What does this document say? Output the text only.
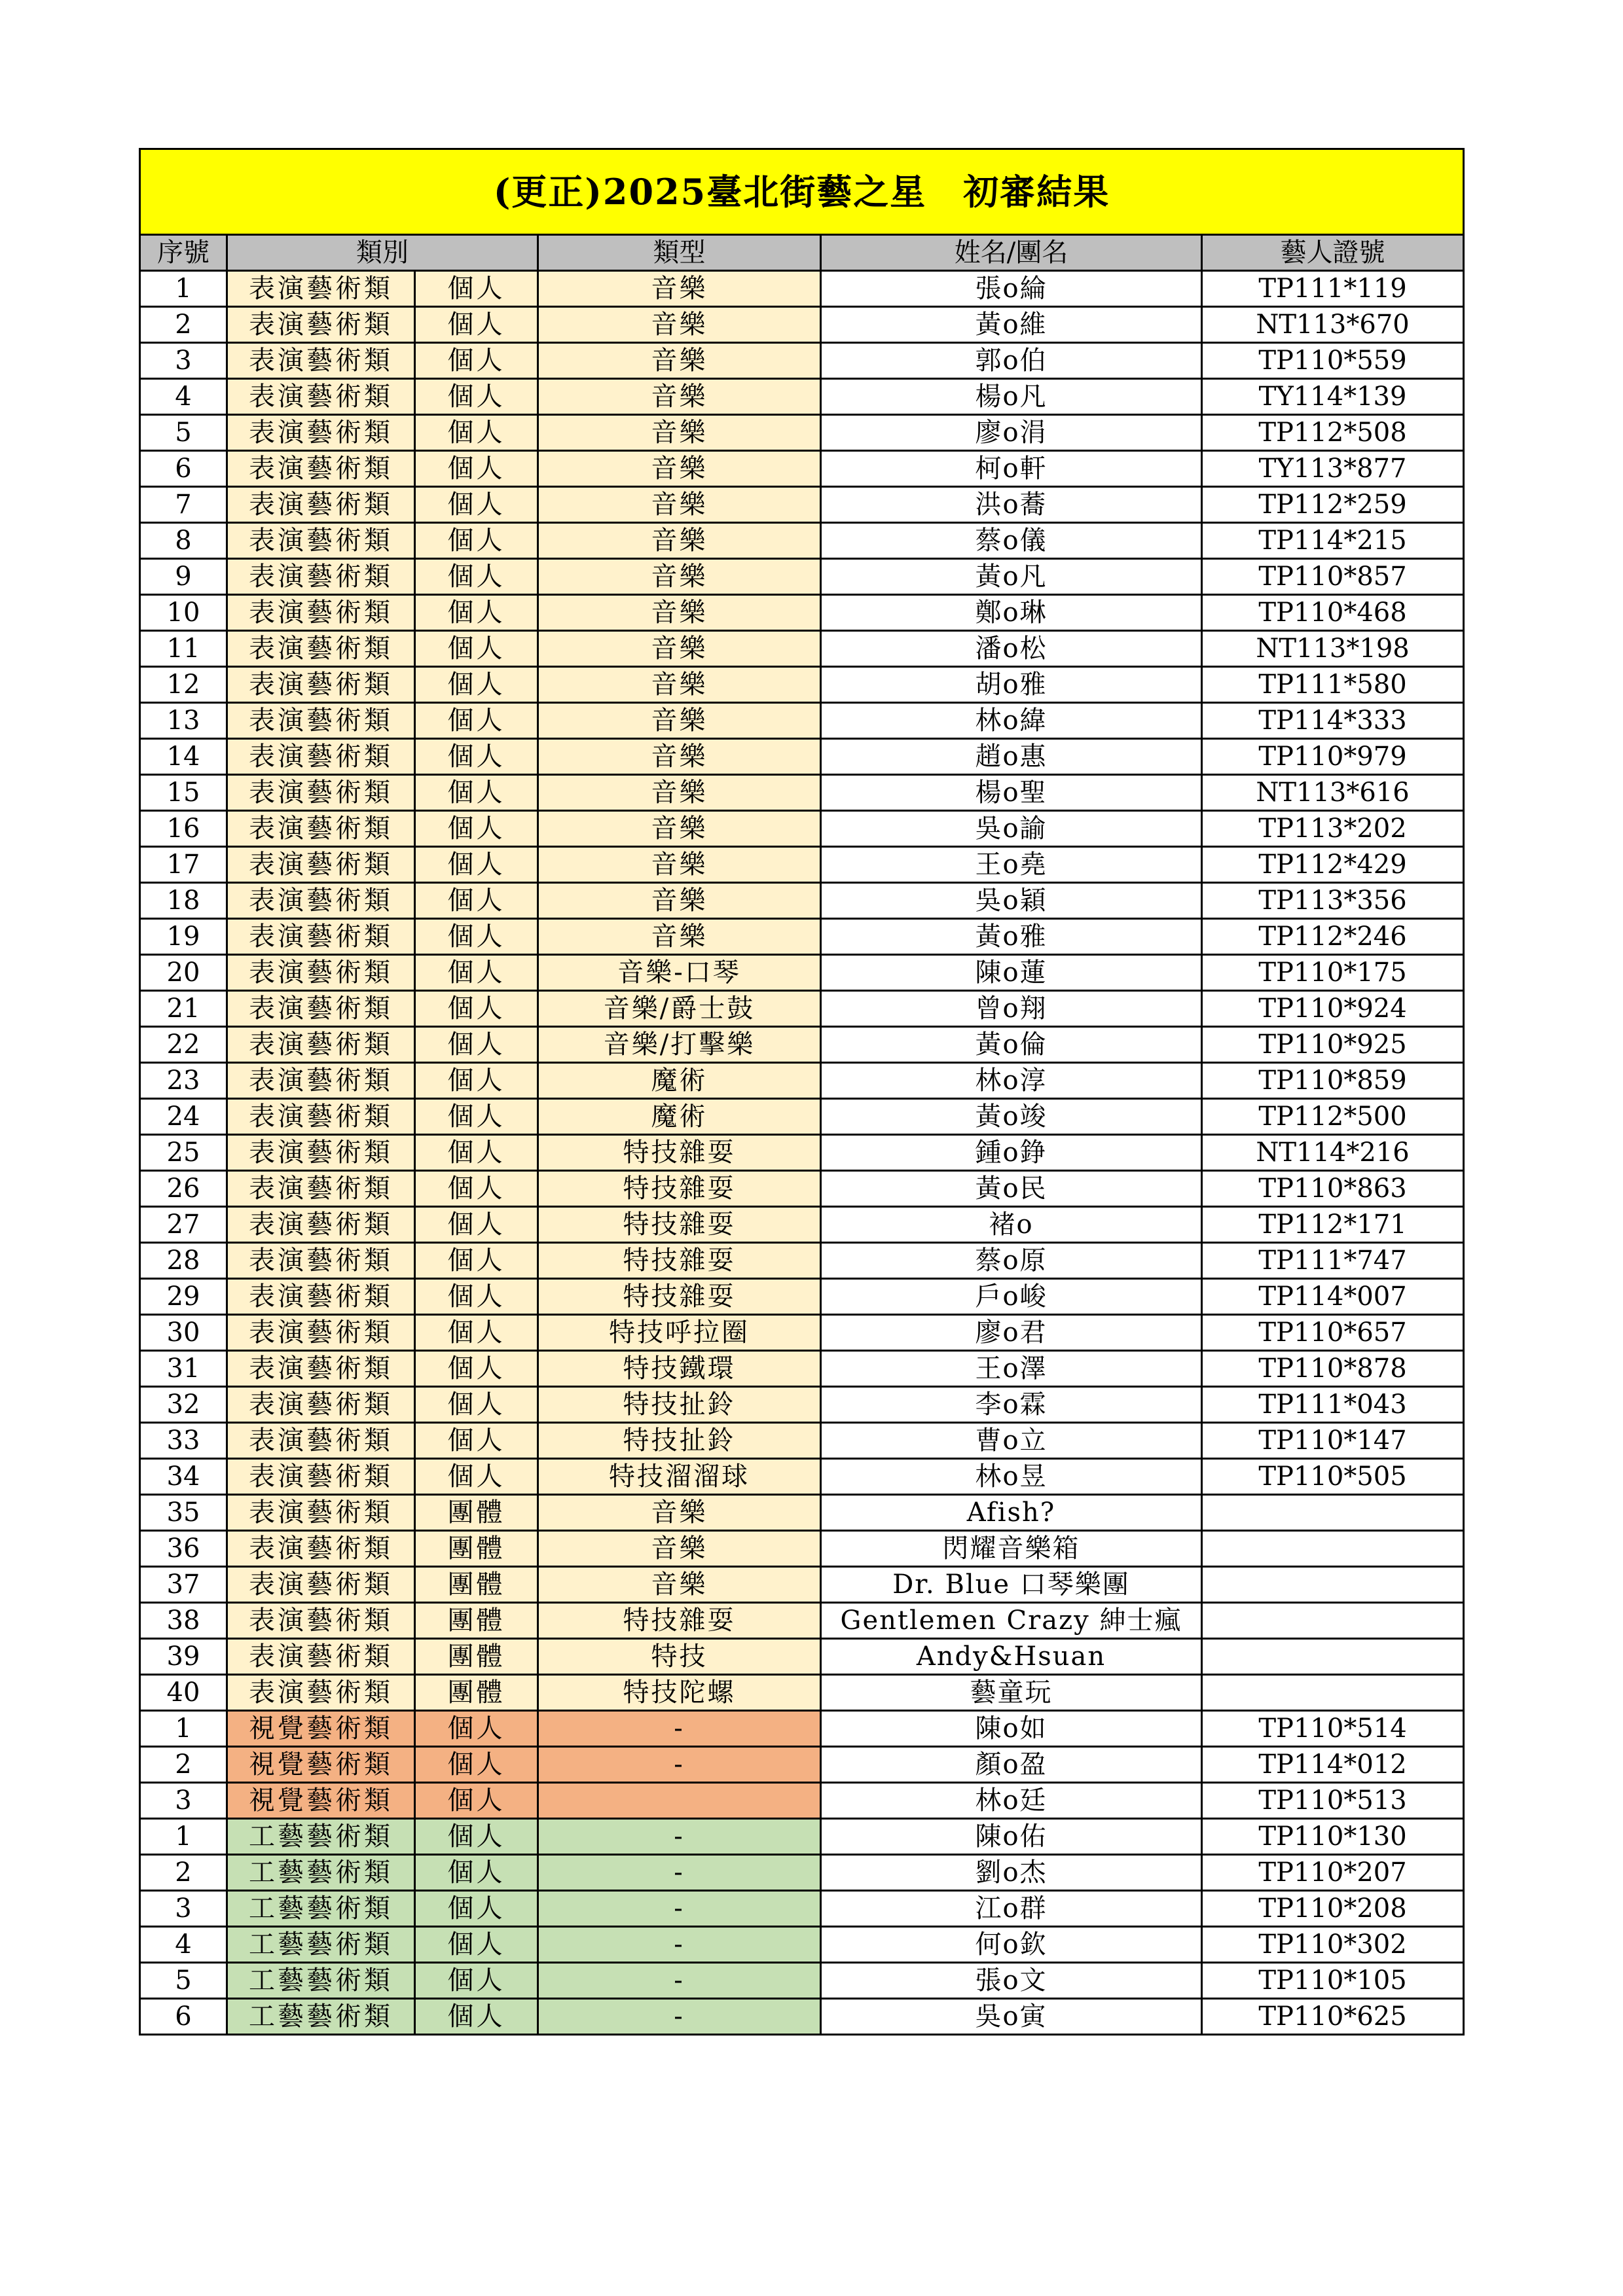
(更正)2025臺北街藝之星　初審結果					
序號	類別		類型	姓名/團名	藝人證號
1	表演藝術類	個人	音樂	張o綸	TP111*119
2	表演藝術類	個人	音樂	黃o維	NT113*670
3	表演藝術類	個人	音樂	郭o伯	TP110*559
4	表演藝術類	個人	音樂	楊o凡	TY114*139
5	表演藝術類	個人	音樂	廖o涓	TP112*508
6	表演藝術類	個人	音樂	柯o軒	TY113*877
7	表演藝術類	個人	音樂	洪o蕎	TP112*259
8	表演藝術類	個人	音樂	蔡o儀	TP114*215
9	表演藝術類	個人	音樂	黃o凡	TP110*857
10	表演藝術類	個人	音樂	鄭o琳	TP110*468
11	表演藝術類	個人	音樂	潘o松	NT113*198
12	表演藝術類	個人	音樂	胡o雅	TP111*580
13	表演藝術類	個人	音樂	林o緯	TP114*333
14	表演藝術類	個人	音樂	趙o惠	TP110*979
15	表演藝術類	個人	音樂	楊o聖	NT113*616
16	表演藝術類	個人	音樂	吳o諭	TP113*202
17	表演藝術類	個人	音樂	王o堯	TP112*429
18	表演藝術類	個人	音樂	吳o穎	TP113*356
19	表演藝術類	個人	音樂	黃o雅	TP112*246
20	表演藝術類	個人	音樂-口琴	陳o蓮	TP110*175
21	表演藝術類	個人	音樂/爵士鼓	曾o翔	TP110*924
22	表演藝術類	個人	音樂/打擊樂	黃o倫	TP110*925
23	表演藝術類	個人	魔術	林o淳	TP110*859
24	表演藝術類	個人	魔術	黃o竣	TP112*500
25	表演藝術類	個人	特技雜耍	鍾o錚	NT114*216
26	表演藝術類	個人	特技雜耍	黃o民	TP110*863
27	表演藝術類	個人	特技雜耍	褚o	TP112*171
28	表演藝術類	個人	特技雜耍	蔡o原	TP111*747
29	表演藝術類	個人	特技雜耍	戶o峻	TP114*007
30	表演藝術類	個人	特技呼拉圈	廖o君	TP110*657
31	表演藝術類	個人	特技鐵環	王o澤	TP110*878
32	表演藝術類	個人	特技扯鈴	李o霖	TP111*043
33	表演藝術類	個人	特技扯鈴	曹o立	TP110*147
34	表演藝術類	個人	特技溜溜球	林o昱	TP110*505
35	表演藝術類	團體	音樂	Afish?	
36	表演藝術類	團體	音樂	閃耀音樂箱	
37	表演藝術類	團體	音樂	Dr. Blue 口琴樂團	
38	表演藝術類	團體	特技雜耍	Gentlemen Crazy 紳士瘋	
39	表演藝術類	團體	特技	Andy&Hsuan	
40	表演藝術類	團體	特技陀螺	藝童玩	
1	視覺藝術類	個人	-	陳o如	TP110*514
2	視覺藝術類	個人	-	顏o盈	TP114*012
3	視覺藝術類	個人		林o廷	TP110*513
1	工藝藝術類	個人	-	陳o佑	TP110*130
2	工藝藝術類	個人	-	劉o杰	TP110*207
3	工藝藝術類	個人	-	江o群	TP110*208
4	工藝藝術類	個人	-	何o欽	TP110*302
5	工藝藝術類	個人	-	張o文	TP110*105
6	工藝藝術類	個人	-	吳o寅	TP110*625
